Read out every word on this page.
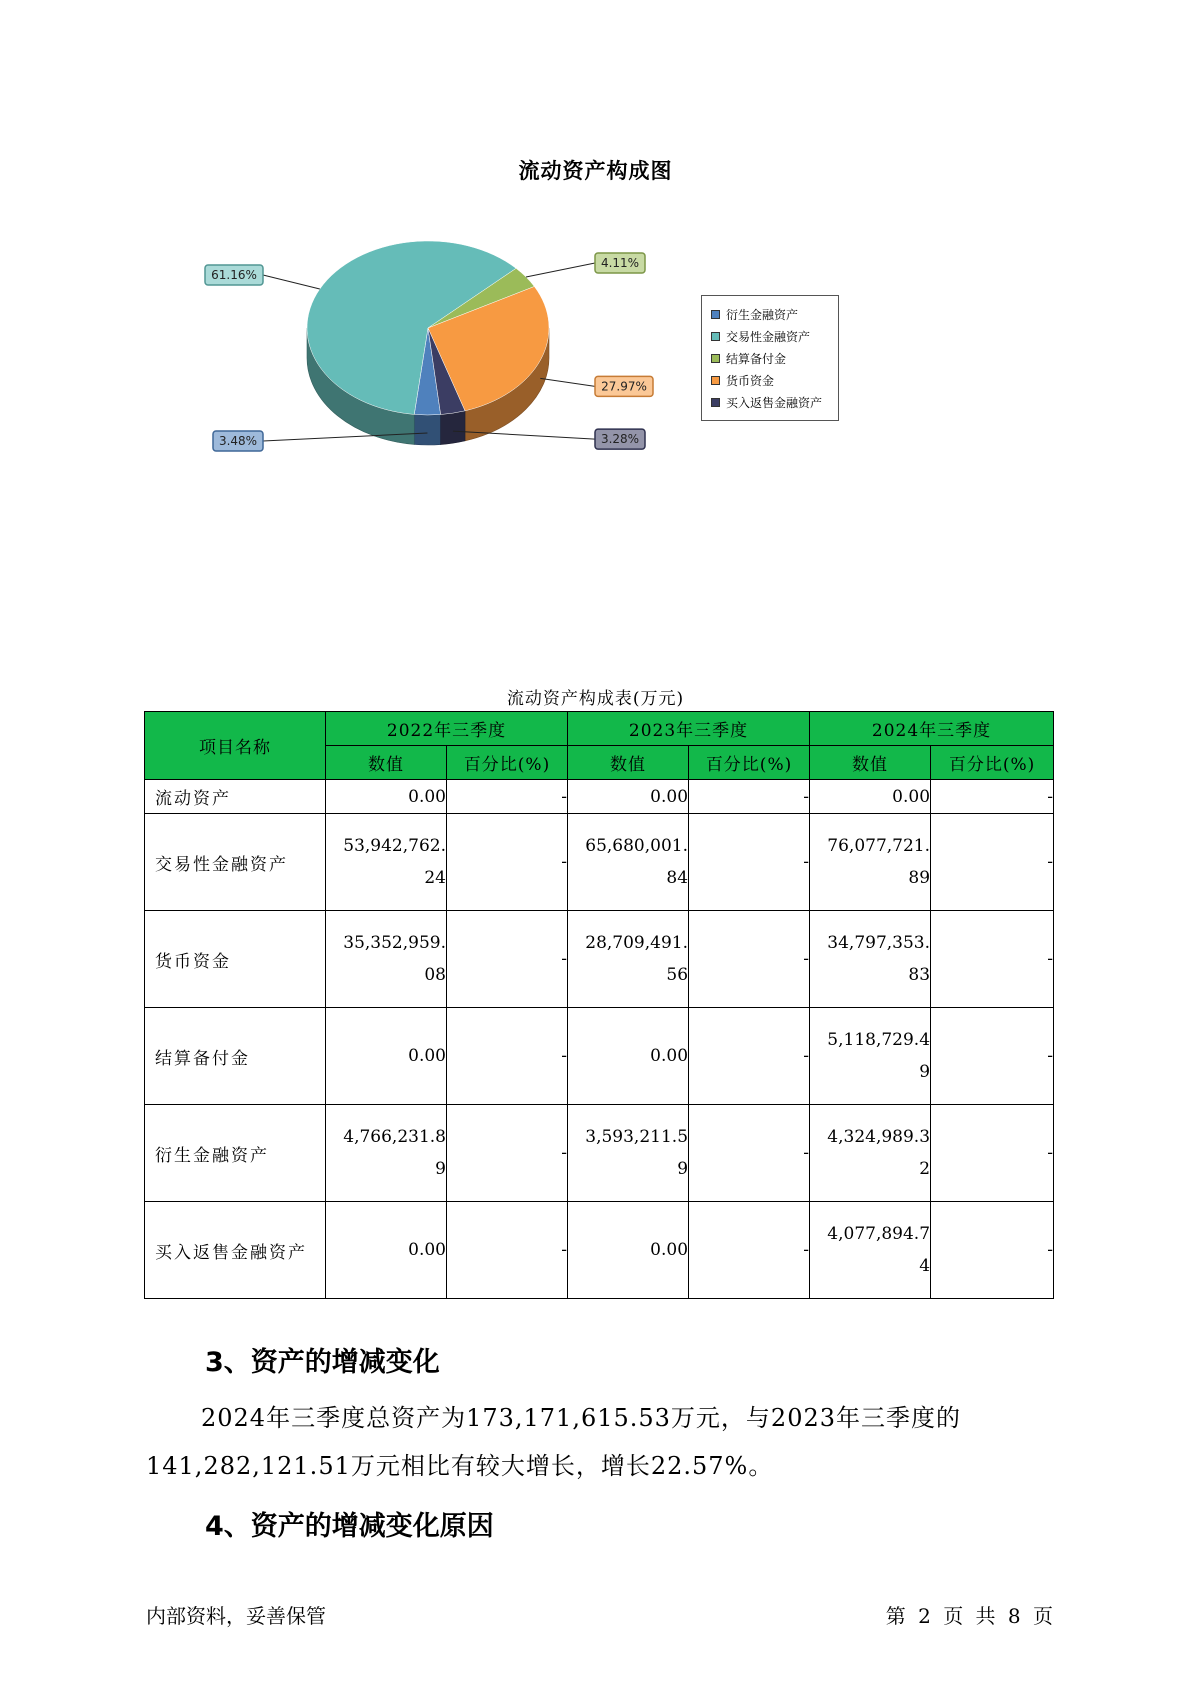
流动资产构成图
3.48%
61.16%
4.11%
27.97%
3.28%
衍生金融资产
交易性金融资产
结算备付金
货币资金
买入返售金融资产
流动资产构成表(万元)
项目名称	2022年三季度		2023年三季度		2024年三季度	
	数值	百分比(%)	数值	百分比(%)	数值	百分比(%)
流动资产	0.00	-	0.00	-	0.00	-
交易性金融资产	53,942,762.24	-	65,680,001.84	-	76,077,721.89	-
货币资金	35,352,959.08	-	28,709,491.56	-	34,797,353.83	-
结算备付金	0.00	-	0.00	-	5,118,729.49	-
衍生金融资产	4,766,231.89	-	3,593,211.59	-	4,324,989.32	-
买入返售金融资产	0.00	-	0.00	-	4,077,894.74	-
3、资产的增减变化
2024年三季度总资产为173,171,615.53万元，与2023年三季度的141,282,121.51万元相比有较大增长，增长22.57%。
4、资产的增减变化原因
内部资料，妥善保管	第 2 页 共 8 页
